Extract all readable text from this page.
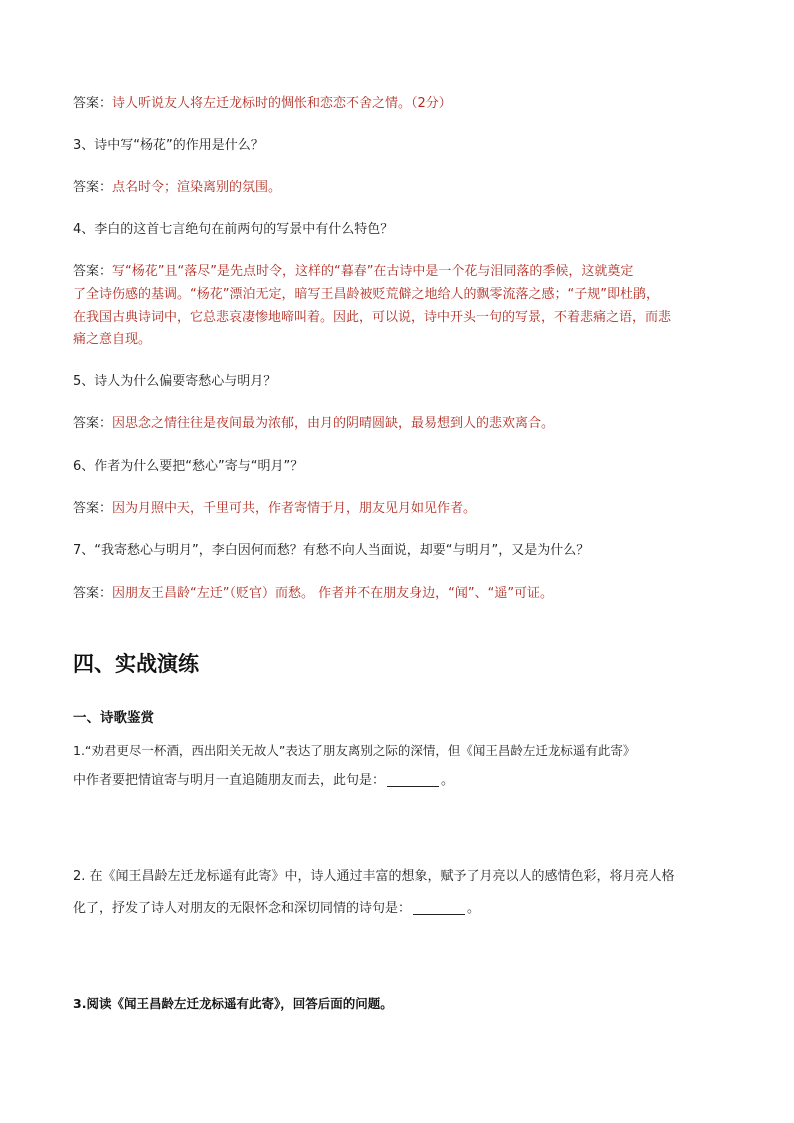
答案：诗人听说友人将左迁龙标时的惆怅和恋恋不舍之情。（2分）
3、诗中写“杨花”的作用是什么？
答案：点名时令；渲染离别的氛围。
4、李白的这首七言绝句在前两句的写景中有什么特色？
答案：写“杨花”且“落尽”是先点时令，这样的“暮春”在古诗中是一个花与泪同落的季候，这就奠定
了全诗伤感的基调。“杨花”漂泊无定，暗写王昌龄被贬荒僻之地给人的飘零流落之感；“子规”即杜鹃，
在我国古典诗词中，它总悲哀凄惨地啼叫着。因此，可以说，诗中开头一句的写景，不着悲痛之语，而悲
痛之意自现。
5、诗人为什么偏要寄愁心与明月？
答案：因思念之情往往是夜间最为浓郁，由月的阴晴圆缺，最易想到人的悲欢离合。
6、作者为什么要把“愁心”寄与“明月”？
答案：因为月照中天，千里可共，作者寄情于月，朋友见月如见作者。
7、“我寄愁心与明月”，李白因何而愁？有愁不向人当面说，却要“与明月”，又是为什么？
答案：因朋友王昌龄“左迁”（贬官）而愁。 作者并不在朋友身边，“闻”、“遥”可证。
四、实战演练
一、诗歌鉴赏
1.“劝君更尽一杯酒，西出阳关无故人”表达了朋友离别之际的深情，但《闻王昌龄左迁龙标遥有此寄》
中作者要把情谊寄与明月一直追随朋友而去，此句是：	。
2. 在《闻王昌龄左迁龙标遥有此寄》中，诗人通过丰富的想象，赋予了月亮以人的感情色彩，将月亮人格
化了，抒发了诗人对朋友的无限怀念和深切同情的诗句是：	。
3.阅读《闻王昌龄左迁龙标遥有此寄》，回答后面的问题。
